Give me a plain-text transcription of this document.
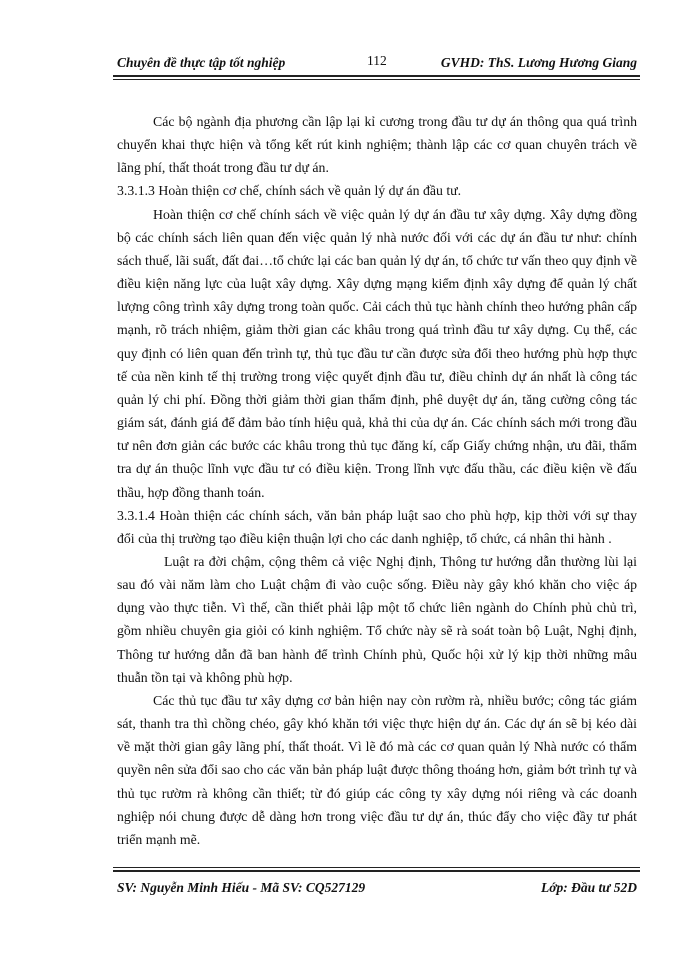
Chuyên đề thực tập tốt nghiệp	112	GVHD: ThS. Lương Hương Giang

Các bộ ngành địa phương cần lập lại kỉ cương trong đầu tư dự án thông qua quá trình chuyển khai thực hiện và tổng kết rút kinh nghiệm; thành lập các cơ quan chuyên trách về lãng phí, thất thoát trong đầu tư dự án.

3.3.1.3 Hoàn thiện cơ chế, chính sách về quản lý dự án đầu tư.

Hoàn thiện cơ chế chính sách về việc quản lý dự án đầu tư xây dựng. Xây dựng đồng bộ các chính sách liên quan đến việc quản lý nhà nước đối với các dự án đầu tư như: chính sách thuế, lãi suất, đất đai…tổ chức lại các ban quản lý dự án, tổ chức tư vấn theo quy định về điều kiện năng lực của luật xây dựng. Xây dựng mạng kiểm định xây dựng để quản lý chất lượng công trình xây dựng trong toàn quốc. Cải cách thủ tục hành chính theo hướng phân cấp mạnh, rõ trách nhiệm, giảm thời gian các khâu trong quá trình đầu tư xây dựng. Cụ thể, các quy định có liên quan đến trình tự, thủ tục đầu tư cần được sửa đổi theo hướng phù hợp thực tế của nền kinh tế thị trường trong việc quyết định đầu tư, điều chỉnh dự án nhất là công tác quản lý chi phí. Đồng thời giảm thời gian thẩm định, phê duyệt dự án, tăng cường công tác giám sát, đánh giá để đảm bảo tính hiệu quả, khả thi của dự án. Các chính sách mới trong đầu tư nên đơn giản các bước các khâu trong thủ tục đăng kí, cấp Giấy chứng nhận, ưu đãi, thẩm tra dự án thuộc lĩnh vực đầu tư có điều kiện. Trong lĩnh vực đấu thầu, các điều kiện về đấu thầu, hợp đồng thanh toán.

3.3.1.4 Hoàn thiện các chính sách, văn bản pháp luật sao cho phù hợp, kịp thời với sự thay đổi của thị trường tạo điều kiện thuận lợi cho các danh nghiệp, tổ chức, cá nhân thi hành .

Luật ra đời chậm, cộng thêm cả việc Nghị định, Thông tư hướng dẫn thường lùi lại sau đó vài năm làm cho Luật chậm đi vào cuộc sống. Điều này gây khó khăn cho việc áp dụng vào thực tiễn. Vì thế, cần thiết phải lập một tổ chức liên ngành do Chính phủ chủ trì, gồm nhiều chuyên gia giỏi có kinh nghiệm. Tổ chức này sẽ rà soát toàn bộ Luật, Nghị định, Thông tư hướng dẫn đã ban hành để trình Chính phủ, Quốc hội xử lý kịp thời những mâu thuẫn tồn tại và không phù hợp.

Các thủ tục đầu tư xây dựng cơ bản hiện nay còn rườm rà, nhiều bước; công tác giám sát, thanh tra thì chồng chéo, gây khó khăn tới việc thực hiện dự án. Các dự án sẽ bị kéo dài về mặt thời gian gây lãng phí, thất thoát. Vì lẽ đó mà các cơ quan quản lý Nhà nước có thẩm quyền nên sửa đổi sao cho các văn bản pháp luật được thông thoáng hơn, giảm bớt trình tự và thủ tục rườm rà không cần thiết; từ đó giúp các công ty xây dựng nói riêng và các doanh nghiệp nói chung được dễ dàng hơn trong việc đầu tư dự án, thúc đẩy cho việc đầy tư phát triển mạnh mẽ.

SV: Nguyễn Minh Hiếu - Mã SV: CQ527129	Lớp: Đầu tư 52D
